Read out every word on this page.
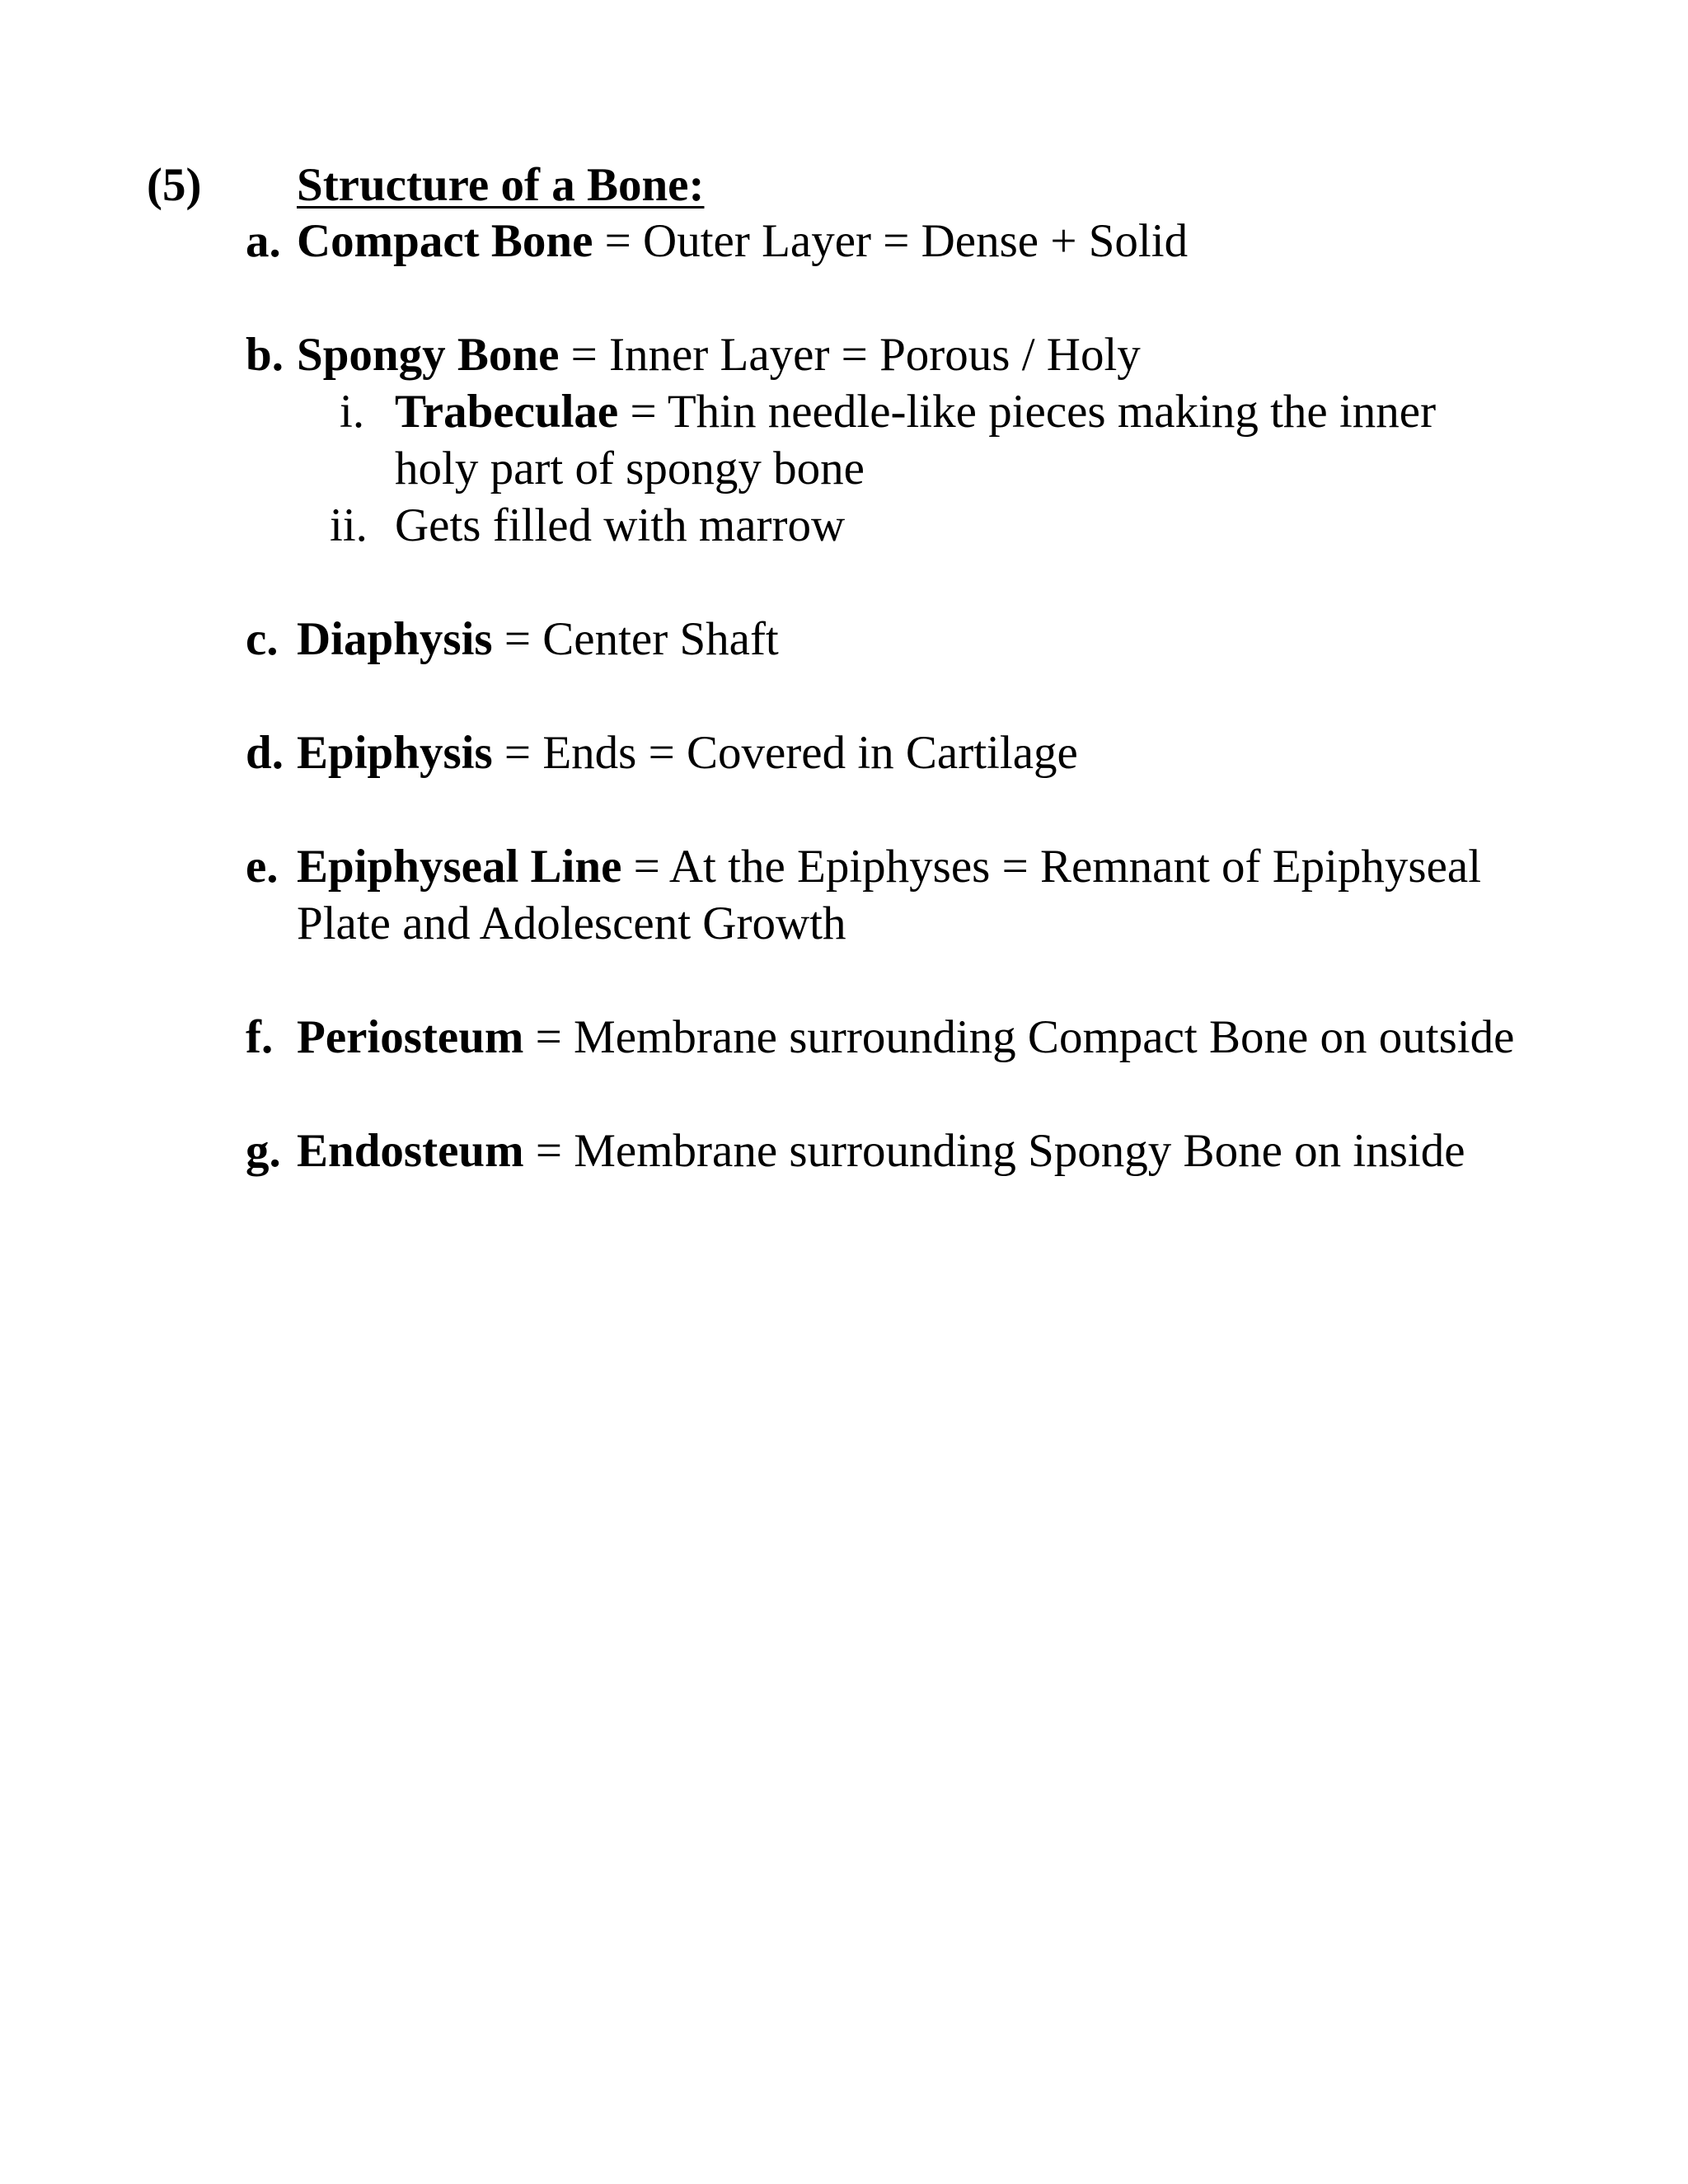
(5) Structure of a Bone:
a. Compact Bone = Outer Layer = Dense + Solid
b. Spongy Bone = Inner Layer = Porous / Holy
i. Trabeculae = Thin needle-like pieces making the inner
holy part of spongy bone
ii. Gets filled with marrow
c. Diaphysis = Center Shaft
d. Epiphysis = Ends = Covered in Cartilage
e. Epiphyseal Line = At the Epiphyses = Remnant of Epiphyseal
Plate and Adolescent Growth
f. Periosteum = Membrane surrounding Compact Bone on outside
g. Endosteum = Membrane surrounding Spongy Bone on inside
